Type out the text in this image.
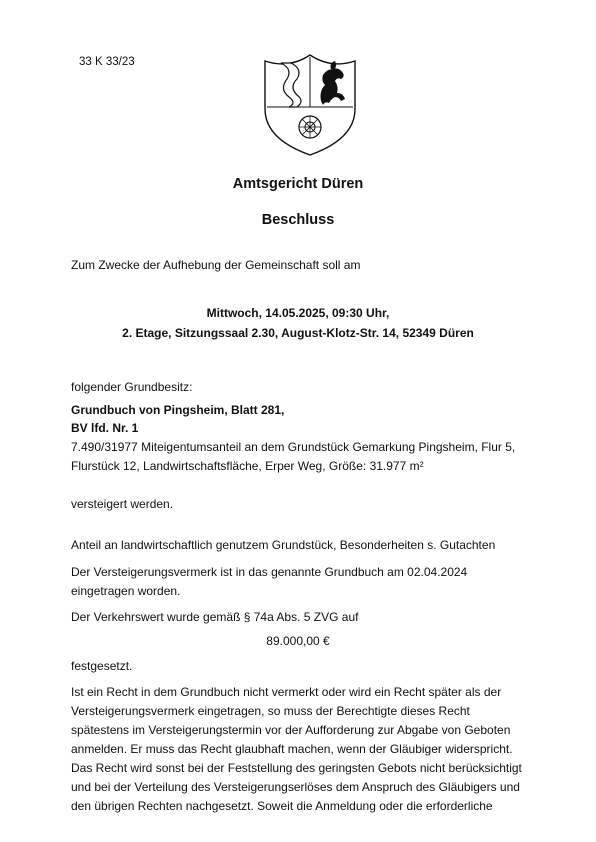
33 K 33/23
Amtsgericht Düren
Beschluss
Zum Zwecke der Aufhebung der Gemeinschaft soll am
Mittwoch, 14.05.2025, 09:30 Uhr,
2. Etage, Sitzungssaal 2.30, August-Klotz-Str. 14, 52349 Düren
folgender Grundbesitz:
Grundbuch von Pingsheim, Blatt 281,
BV lfd. Nr. 1
7.490/31977 Miteigentumsanteil an dem Grundstück Gemarkung Pingsheim, Flur 5,
Flurstück 12, Landwirtschaftsfläche, Erper Weg, Größe: 31.977 m²
versteigert werden.
Anteil an landwirtschaftlich genutzem Grundstück, Besonderheiten s. Gutachten
Der Versteigerungsvermerk ist in das genannte Grundbuch am 02.04.2024
eingetragen worden.
Der Verkehrswert wurde gemäß § 74a Abs. 5 ZVG auf
89.000,00 €
festgesetzt.
Ist ein Recht in dem Grundbuch nicht vermerkt oder wird ein Recht später als der
Versteigerungsvermerk eingetragen, so muss der Berechtigte dieses Recht
spätestens im Versteigerungstermin vor der Aufforderung zur Abgabe von Geboten
anmelden. Er muss das Recht glaubhaft machen, wenn der Gläubiger widerspricht.
Das Recht wird sonst bei der Feststellung des geringsten Gebots nicht berücksichtigt
und bei der Verteilung des Versteigerungserlöses dem Anspruch des Gläubigers und
den übrigen Rechten nachgesetzt. Soweit die Anmeldung oder die erforderliche
